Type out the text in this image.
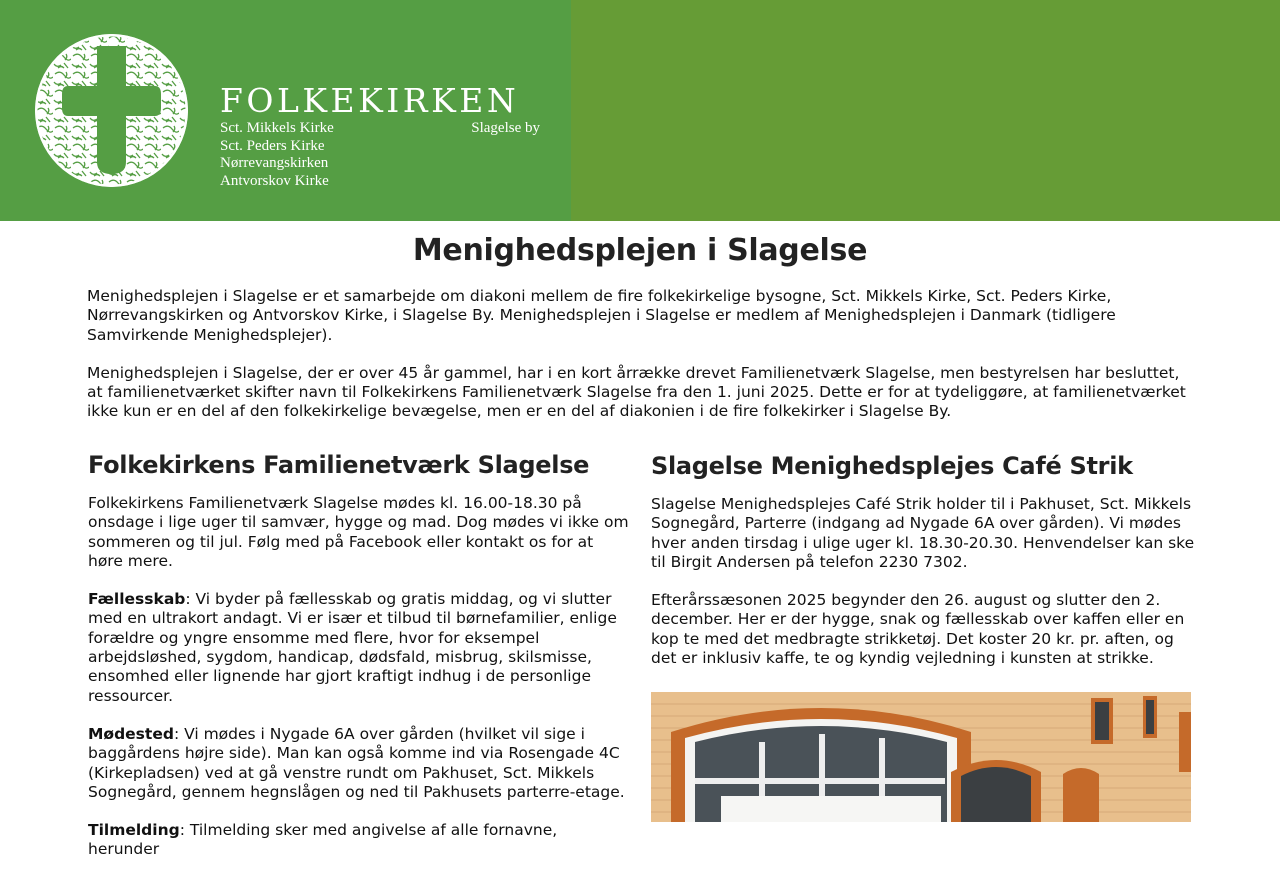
FOLKEKIRKEN
Slagelse by
Sct. Mikkels Kirke
Sct. Peders Kirke
Nørrevangskirken
Antvorskov Kirke
Menighedsplejen i Slagelse

Menighedsplejen i Slagelse er et samarbejde om diakoni mellem de fire folkekirkelige bysogne, Sct. Mikkels Kirke, Sct. Peders Kirke, Nørrevangskirken og Antvorskov Kirke, i Slagelse By. Menighedsplejen i Slagelse er medlem af Menighedsplejen i Danmark (tidligere Samvirkende Menighedsplejer).

Menighedsplejen i Slagelse, der er over 45 år gammel, har i en kort årrække drevet Familienetværk Slagelse, men bestyrelsen har besluttet, at familienetværket skifter navn til Folkekirkens Familienetværk Slagelse fra den 1. juni 2025. Dette er for at tydeliggøre, at familienetværket ikke kun er en del af den folkekirkelige bevægelse, men er en del af diakonien i de fire folkekirker i Slagelse By.

Folkekirkens Familienetværk Slagelse

Folkekirkens Familienetværk Slagelse mødes kl. 16.00-18.30 på onsdage i lige uger til samvær, hygge og mad. Dog mødes vi ikke om sommeren og til jul. Følg med på Facebook eller kontakt os for at høre mere.

Fællesskab: Vi byder på fællesskab og gratis middag, og vi slutter med en ultrakort andagt. Vi er især et tilbud til børnefamilier, enlige forældre og yngre ensomme med flere, hvor for eksempel arbejdsløshed, sygdom, handicap, dødsfald, misbrug, skilsmisse, ensomhed eller lignende har gjort kraftigt indhug i de personlige ressourcer.

Mødested: Vi mødes i Nygade 6A over gården (hvilket vil sige i baggårdens højre side). Man kan også komme ind via Rosengade 4C (Kirkepladsen) ved at gå venstre rundt om Pakhuset, Sct. Mikkels Sognegård, gennem hegnslågen og ned til Pakhusets parterre-etage.

Tilmelding: Tilmelding sker med angivelse af alle fornavne, herunder

Slagelse Menighedsplejes Café Strik

Slagelse Menighedsplejes Café Strik holder til i Pakhuset, Sct. Mikkels Sognegård, Parterre (indgang ad Nygade 6A over gården). Vi mødes hver anden tirsdag i ulige uger kl. 18.30-20.30. Henvendelser kan ske til Birgit Andersen på telefon 2230 7302.

Efterårssæsonen 2025 begynder den 26. august og slutter den 2. december. Her er der hygge, snak og fællesskab over kaffen eller en kop te med det medbragte strikketøj. Det koster 20 kr. pr. aften, og det er inklusiv kaffe, te og kyndig vejledning i kunsten at strikke.
